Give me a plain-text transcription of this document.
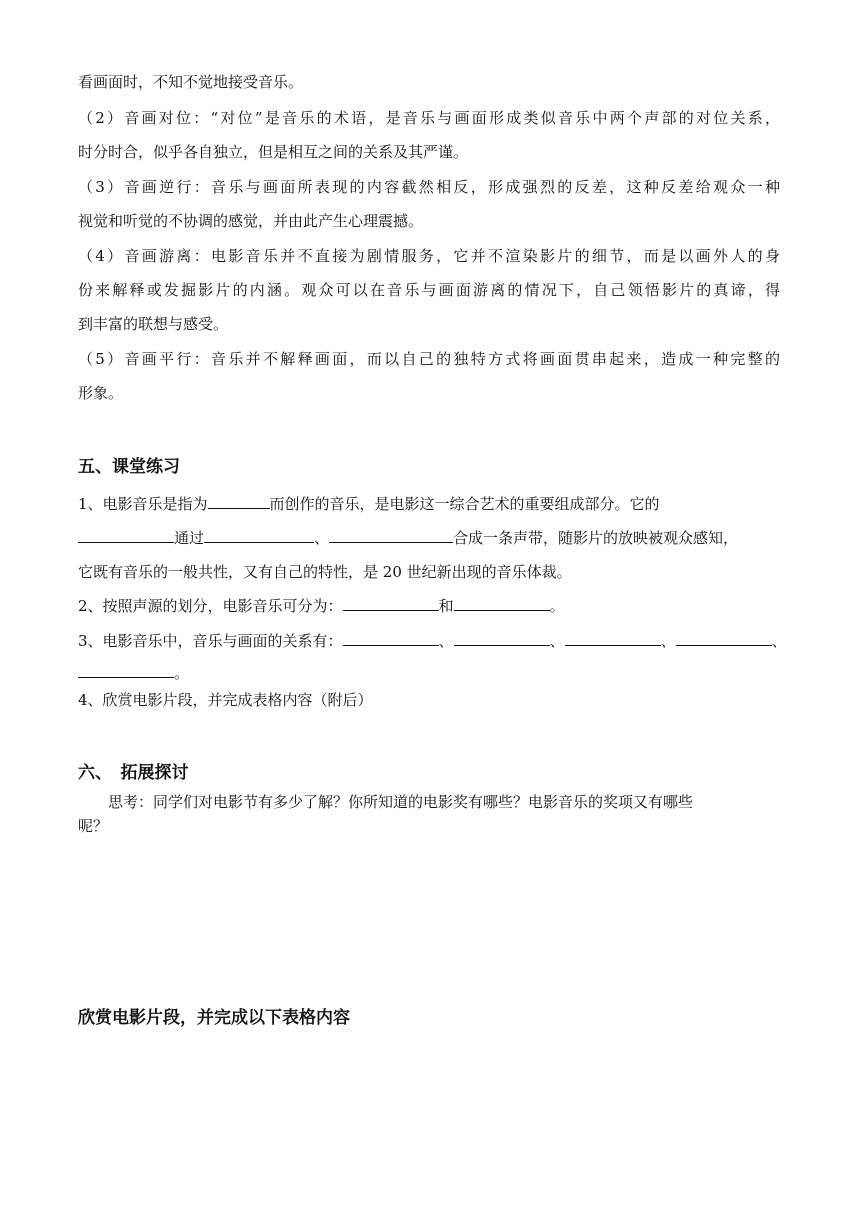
看画面时，不知不觉地接受音乐。
（2）音画对位：“对位”是音乐的术语，是音乐与画面形成类似音乐中两个声部的对位关系，
时分时合，似乎各自独立，但是相互之间的关系及其严谨。
（3）音画逆行：音乐与画面所表现的内容截然相反，形成强烈的反差，这种反差给观众一种
视觉和听觉的不协调的感觉，并由此产生心理震撼。
（4）音画游离：电影音乐并不直接为剧情服务，它并不渲染影片的细节，而是以画外人的身
份来解释或发掘影片的内涵。观众可以在音乐与画面游离的情况下，自己领悟影片的真谛，得
到丰富的联想与感受。
（5）音画平行：音乐并不解释画面，而以自己的独特方式将画面贯串起来，造成一种完整的
形象。
五、课堂练习
1、电影音乐是指为	而创作的音乐，是电影这一综合艺术的重要组成部分。它的
通过	、	合成一条声带，随影片的放映被观众感知，
它既有音乐的一般共性，又有自己的特性，是 20 世纪新出现的音乐体裁。
2、按照声源的划分，电影音乐可分为：	和	。
3、电影音乐中，音乐与画面的关系有：	、	、	、	、
。
4、欣赏电影片段，并完成表格内容（附后）
六、　拓展探讨
　　思考：同学们对电影节有多少了解？你所知道的电影奖有哪些？电影音乐的奖项又有哪些
呢？
欣赏电影片段，并完成以下表格内容
